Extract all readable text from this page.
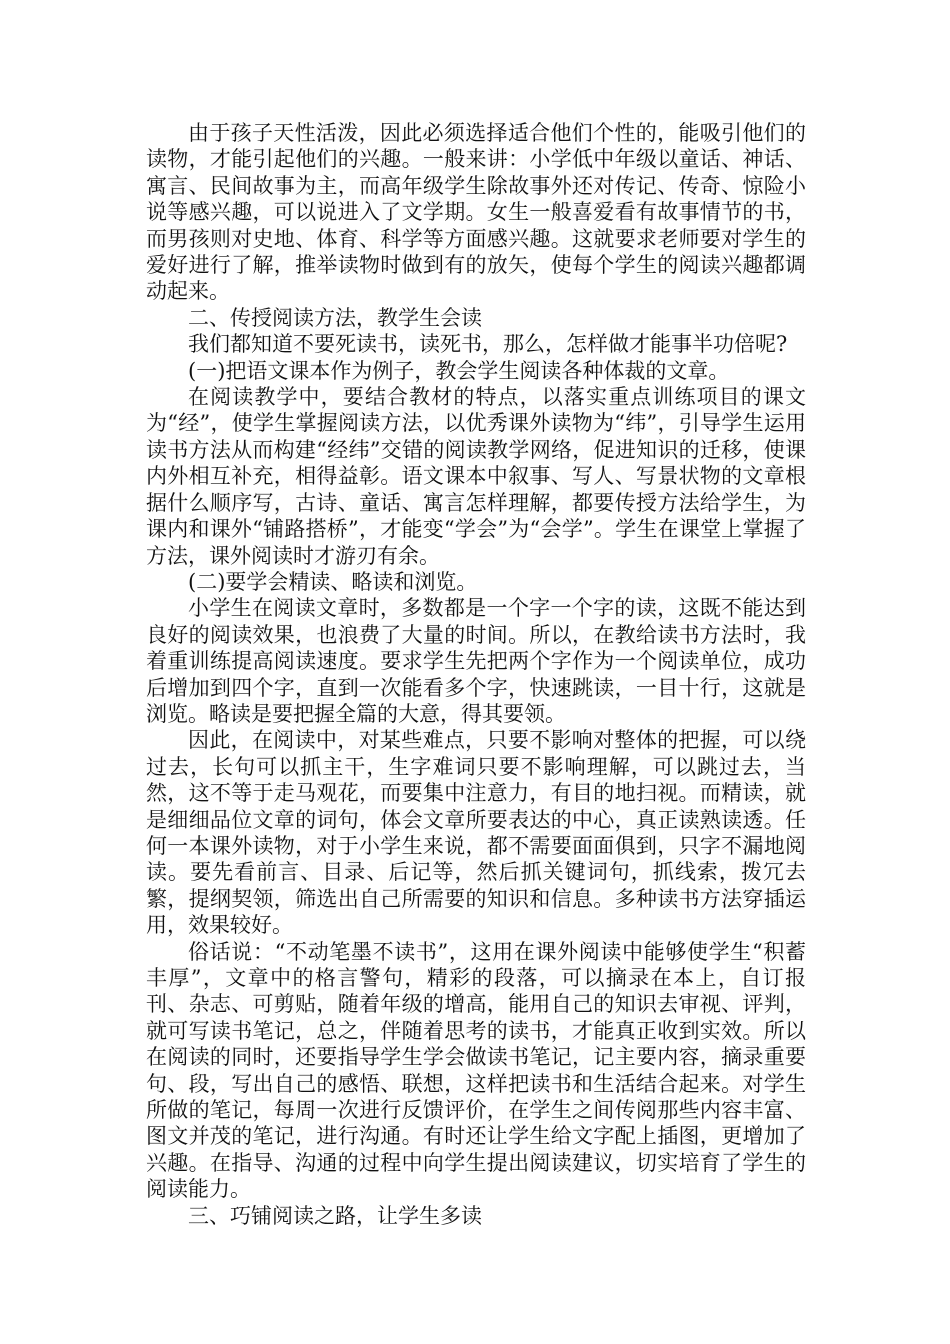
由于孩子天性活泼，因此必须选择适合他们个性的，能吸引他们的读物，才能引起他们的兴趣。一般来讲：小学低中年级以童话、神话、寓言、民间故事为主，而高年级学生除故事外还对传记、传奇、惊险小说等感兴趣，可以说进入了文学期。女生一般喜爱看有故事情节的书，而男孩则对史地、体育、科学等方面感兴趣。这就要求老师要对学生的爱好进行了解，推举读物时做到有的放矢，使每个学生的阅读兴趣都调动起来。

二、传授阅读方法，教学生会读

我们都知道不要死读书，读死书，那么，怎样做才能事半功倍呢?

(一)把语文课本作为例子，教会学生阅读各种体裁的文章。

在阅读教学中，要结合教材的特点，以落实重点训练项目的课文为“经”，使学生掌握阅读方法，以优秀课外读物为“纬”，引导学生运用读书方法从而构建“经纬”交错的阅读教学网络，促进知识的迁移，使课内外相互补充，相得益彰。语文课本中叙事、写人、写景状物的文章根据什么顺序写，古诗、童话、寓言怎样理解，都要传授方法给学生，为课内和课外“铺路搭桥”，才能变“学会”为“会学”。学生在课堂上掌握了方法，课外阅读时才游刃有余。

(二)要学会精读、略读和浏览。

小学生在阅读文章时，多数都是一个字一个字的读，这既不能达到良好的阅读效果，也浪费了大量的时间。所以，在教给读书方法时，我着重训练提高阅读速度。要求学生先把两个字作为一个阅读单位，成功后增加到四个字，直到一次能看多个字，快速跳读，一目十行，这就是浏览。略读是要把握全篇的大意，得其要领。

因此，在阅读中，对某些难点，只要不影响对整体的把握，可以绕过去，长句可以抓主干，生字难词只要不影响理解，可以跳过去，当然，这不等于走马观花，而要集中注意力，有目的地扫视。而精读，就是细细品位文章的词句，体会文章所要表达的中心，真正读熟读透。任何一本课外读物，对于小学生来说，都不需要面面俱到，只字不漏地阅读。要先看前言、目录、后记等，然后抓关键词句，抓线索，拨冗去繁，提纲契领，筛选出自己所需要的知识和信息。多种读书方法穿插运用，效果较好。

俗话说：“不动笔墨不读书”，这用在课外阅读中能够使学生“积蓄丰厚”，文章中的格言警句，精彩的段落，可以摘录在本上，自订报刊、杂志、可剪贴，随着年级的增高，能用自己的知识去审视、评判，就可写读书笔记，总之，伴随着思考的读书，才能真正收到实效。所以在阅读的同时，还要指导学生学会做读书笔记，记主要内容，摘录重要句、段，写出自己的感悟、联想，这样把读书和生活结合起来。对学生所做的笔记，每周一次进行反馈评价，在学生之间传阅那些内容丰富、图文并茂的笔记，进行沟通。有时还让学生给文字配上插图，更增加了兴趣。在指导、沟通的过程中向学生提出阅读建议，切实培育了学生的阅读能力。

三、巧铺阅读之路，让学生多读
